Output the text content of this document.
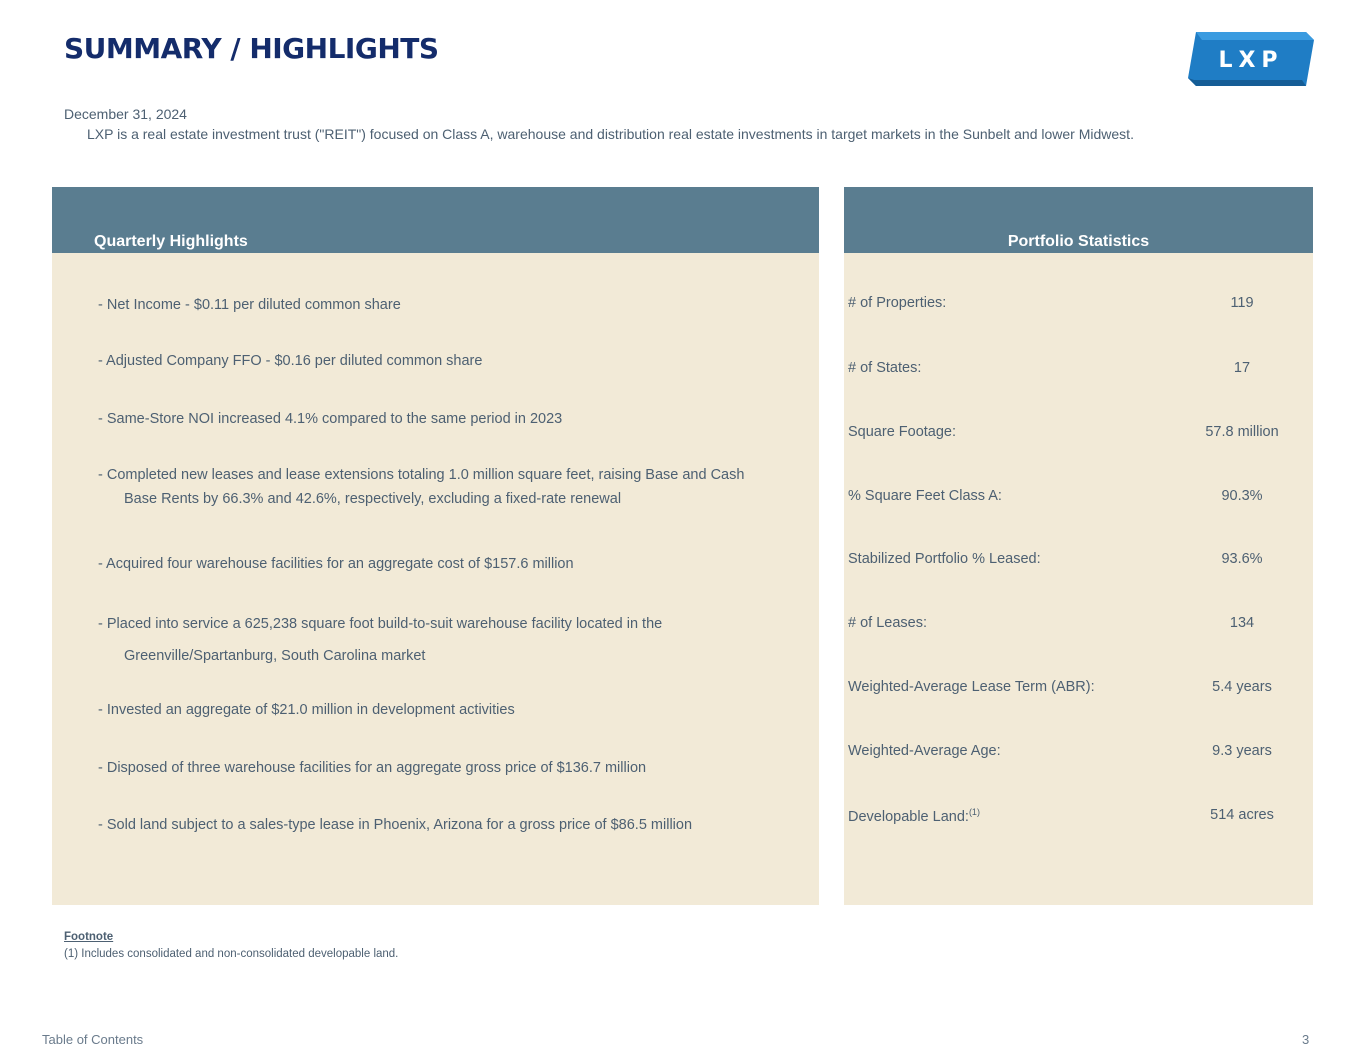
SUMMARY / HIGHLIGHTS	LXP
December 31, 2024
LXP is a real estate investment trust ("REIT") focused on Class A, warehouse and distribution real estate investments in target markets in the Sunbelt and lower Midwest.
Quarterly Highlights
- Net Income - $0.11 per diluted common share
- Adjusted Company FFO - $0.16 per diluted common share
- Same-Store NOI increased 4.1% compared to the same period in 2023
- Completed new leases and lease extensions totaling 1.0 million square feet, raising Base and Cash
Base Rents by 66.3% and 42.6%, respectively, excluding a fixed-rate renewal
- Acquired four warehouse facilities for an aggregate cost of $157.6 million
- Placed into service a 625,238 square foot build-to-suit warehouse facility located in the
Greenville/Spartanburg, South Carolina market
- Invested an aggregate of $21.0 million in development activities
- Disposed of three warehouse facilities for an aggregate gross price of $136.7 million
- Sold land subject to a sales-type lease in Phoenix, Arizona for a gross price of $86.5 million
Portfolio Statistics
# of Properties:	119
# of States:	17
Square Footage:	57.8 million
% Square Feet Class A:	90.3%
Stabilized Portfolio % Leased:	93.6%
# of Leases:	134
Weighted-Average Lease Term (ABR):	5.4 years
Weighted-Average Age:	9.3 years
Developable Land:$^{(1)}$	514 acres
Footnote
(1) Includes consolidated and non-consolidated developable land.
Table of Contents	3
